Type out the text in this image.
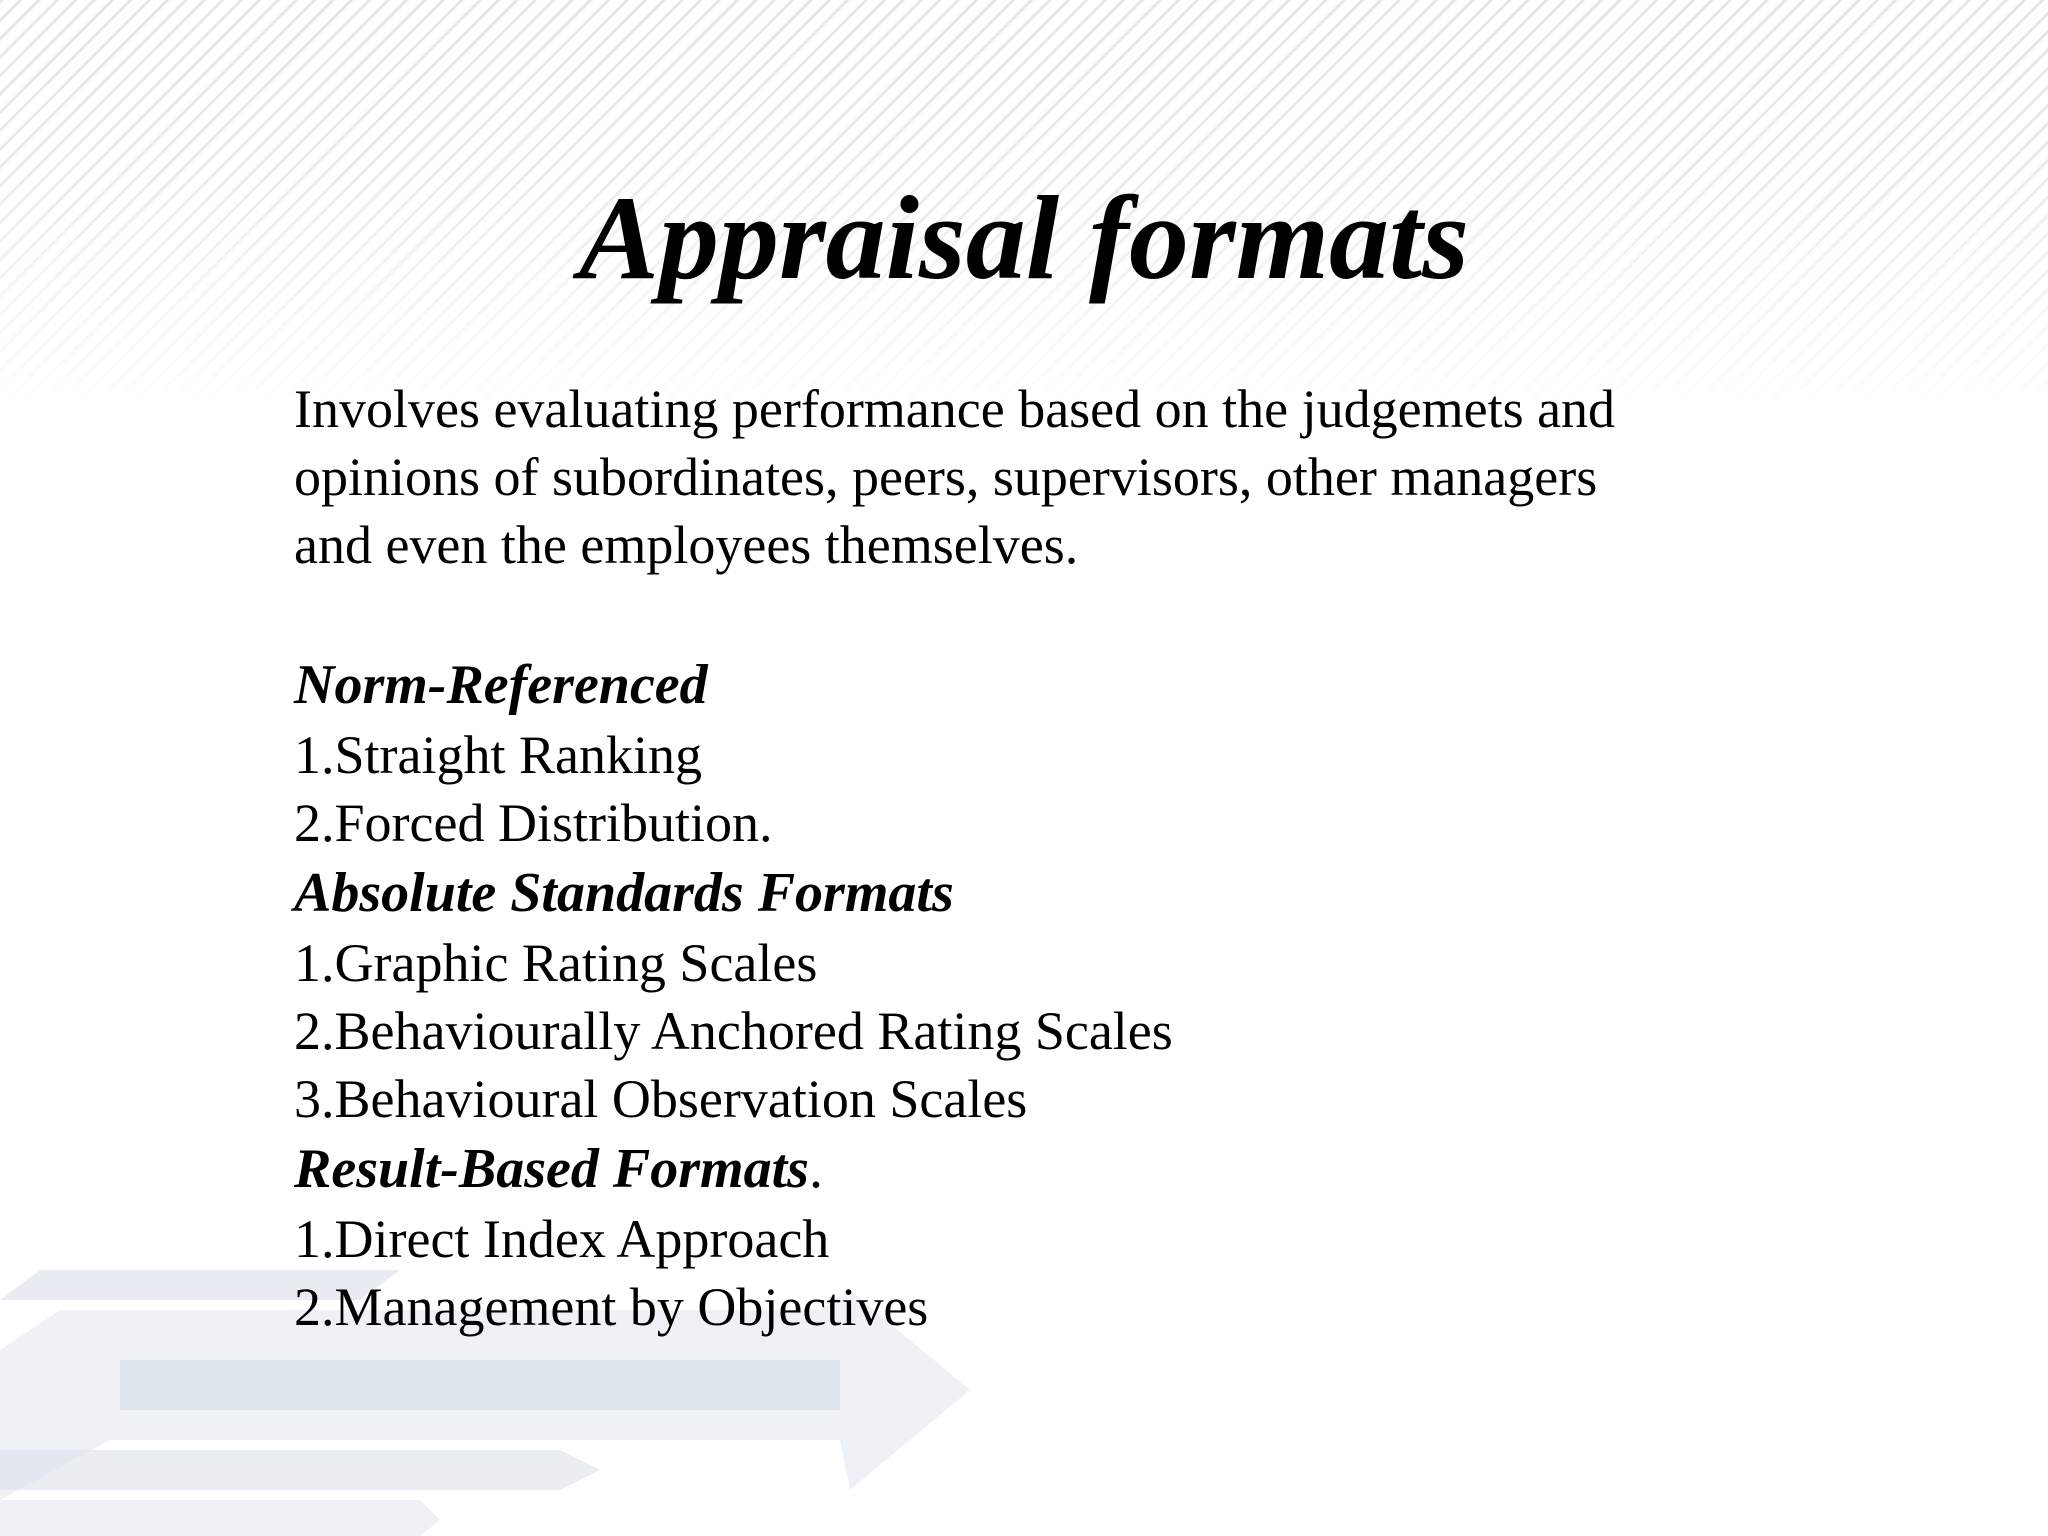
Appraisal formats
Involves evaluating performance based on the judgemets and
opinions of subordinates, peers, supervisors, other managers
and even the employees themselves.
Norm-Referenced
1.Straight Ranking
2.Forced Distribution.
Absolute Standards Formats
1.Graphic Rating Scales
2.Behaviourally Anchored Rating Scales
3.Behavioural Observation Scales
Result-Based Formats.
1.Direct Index Approach
2.Management by Objectives
